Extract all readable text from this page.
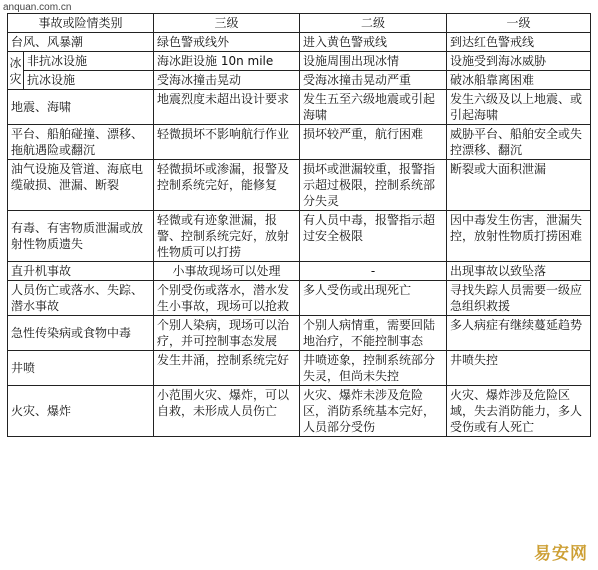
anquan.com.cn
事故或险情类别		三级	二级	一级
台风、风暴潮		绿色警戒线外	进入黄色警戒线	到达红色警戒线
冰灾	非抗冰设施	海冰距设施 10n mile	设施周围出现冰情	设施受到海冰威胁
	抗冰设施	受海冰撞击晃动	受海冰撞击晃动严重	破冰船靠离困难
地震、海啸		地震烈度未超出设计要求	发生五至六级地震或引起海啸	发生六级及以上地震、或引起海啸
平台、船舶碰撞、漂移、拖航遇险或翻沉		轻微损坏不影响航行作业	损坏较严重，航行困难	威胁平台、船舶安全或失控漂移、翻沉
油气设施及管道、海底电缆破损、泄漏、断裂		轻微损坏或渗漏，报警及控制系统完好，能修复	损坏或泄漏较重，报警指示超过极限，控制系统部分失灵	断裂或大面积泄漏
有毒、有害物质泄漏或放射性物质遗失		轻微或有迹象泄漏，报警、控制系统完好，放射性物质可以打捞	有人员中毒，报警指示超过安全极限	因中毒发生伤害，泄漏失控，放射性物质打捞困难
直升机事故		小事故现场可以处理	-	出现事故以致坠落
人员伤亡或落水、失踪、潜水事故		个别受伤或落水，潜水发生小事故，现场可以抢救	多人受伤或出现死亡	寻找失踪人员需要一级应急组织救援
急性传染病或食物中毒		个别人染病，现场可以治疗，并可控制事态发展	个别人病情重，需要回陆地治疗，不能控制事态	多人病症有继续蔓延趋势
井喷		发生井涌，控制系统完好	井喷迹象，控制系统部分失灵，但尚未失控	井喷失控
火灾、爆炸		小范围火灾、爆炸，可以自救，未形成人员伤亡	火灾、爆炸未涉及危险区，消防系统基本完好，人员部分受伤	火灾、爆炸涉及危险区域，失去消防能力，多人受伤或有人死亡
易安网
